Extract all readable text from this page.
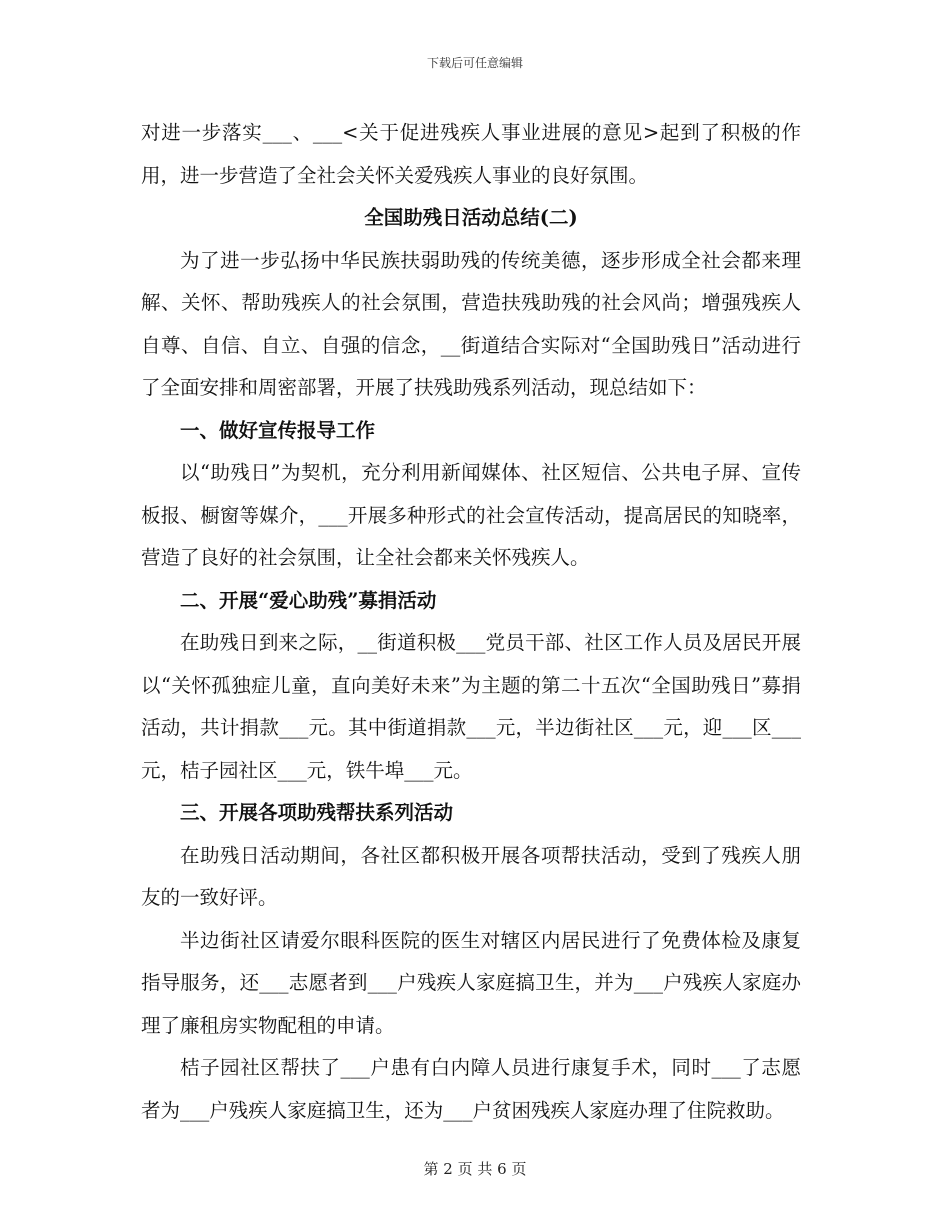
下载后可任意编辑

对进一步落实___、___<关于促进残疾人事业进展的意见>起到了积极的作用，进一步营造了全社会关怀关爱残疾人事业的良好氛围。

全国助残日活动总结(二)

为了进一步弘扬中华民族扶弱助残的传统美德，逐步形成全社会都来理解、关怀、帮助残疾人的社会氛围，营造扶残助残的社会风尚；增强残疾人自尊、自信、自立、自强的信念，__街道结合实际对“全国助残日”活动进行了全面安排和周密部署，开展了扶残助残系列活动，现总结如下：

一、做好宣传报导工作

以“助残日”为契机，充分利用新闻媒体、社区短信、公共电子屏、宣传板报、橱窗等媒介，___开展多种形式的社会宣传活动，提高居民的知晓率，营造了良好的社会氛围，让全社会都来关怀残疾人。

二、开展“爱心助残”募捐活动

在助残日到来之际，__街道积极___党员干部、社区工作人员及居民开展以“关怀孤独症儿童，直向美好未来”为主题的第二十五次“全国助残日”募捐活动，共计捐款___元。其中街道捐款___元，半边街社区___元，迎___区___元，桔子园社区___元，铁牛埠___元。

三、开展各项助残帮扶系列活动

在助残日活动期间，各社区都积极开展各项帮扶活动，受到了残疾人朋友的一致好评。

半边街社区请爱尔眼科医院的医生对辖区内居民进行了免费体检及康复指导服务，还___志愿者到___户残疾人家庭搞卫生，并为___户残疾人家庭办理了廉租房实物配租的申请。

桔子园社区帮扶了___户患有白内障人员进行康复手术，同时___了志愿者为___户残疾人家庭搞卫生，还为___户贫困残疾人家庭办理了住院救助。

第 2 页 共 6 页
